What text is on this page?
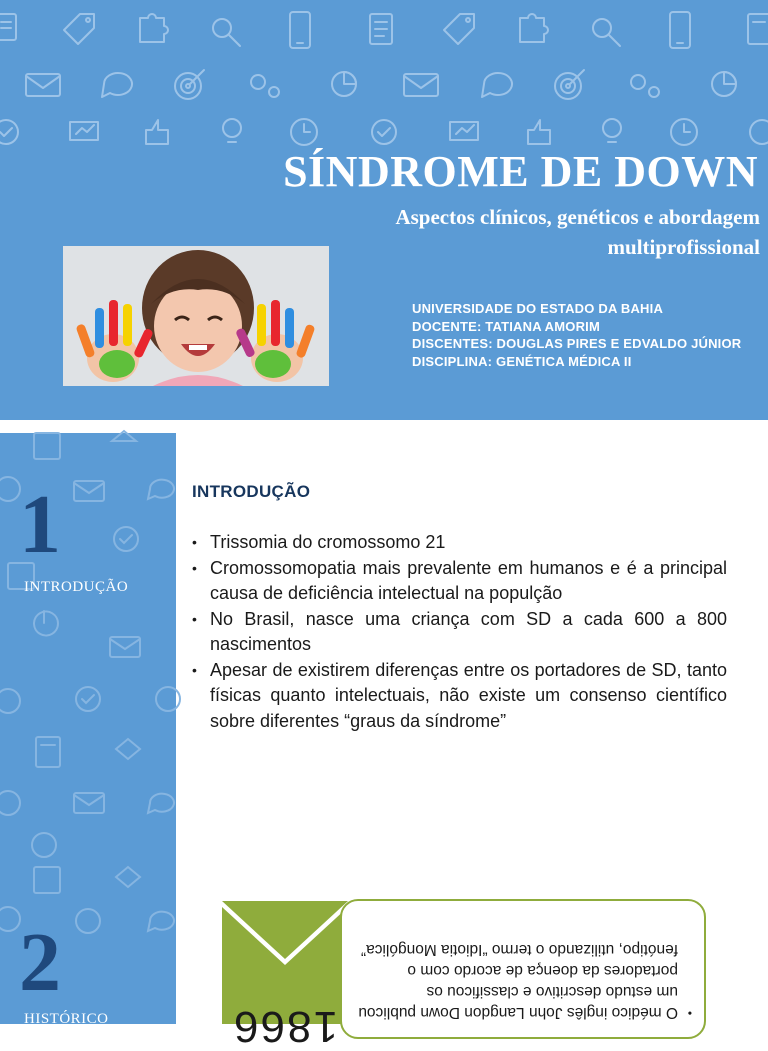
SÍNDROME DE DOWN
Aspectos clínicos, genéticos e abordagem multiprofissional
UNIVERSIDADE DO ESTADO DA BAHIA
DOCENTE: TATIANA AMORIM
DISCENTES: DOUGLAS PIRES E EDVALDO JÚNIOR
DISCIPLINA: GENÉTICA MÉDICA II
1
INTRODUÇÃO
INTRODUÇÃO
• Trissomia do cromossomo 21
• Cromossomopatia mais prevalente em humanos e é a principal causa de deficiência intelectual na populção
• No Brasil, nasce uma criança com SD a cada 600 a 800 nascimentos
• Apesar de existirem diferenças entre os portadores de SD, tanto físicas quanto intelectuais, não existe um consenso científico sobre diferentes “graus da síndrome”
2
HISTÓRICO	1866	•
O médico inglês John Langdon Down publicou um estudo descritivo e classificou os portadores da doença de acordo com o fenótipo, utilizando o termo “Idiotia Mongólica”
